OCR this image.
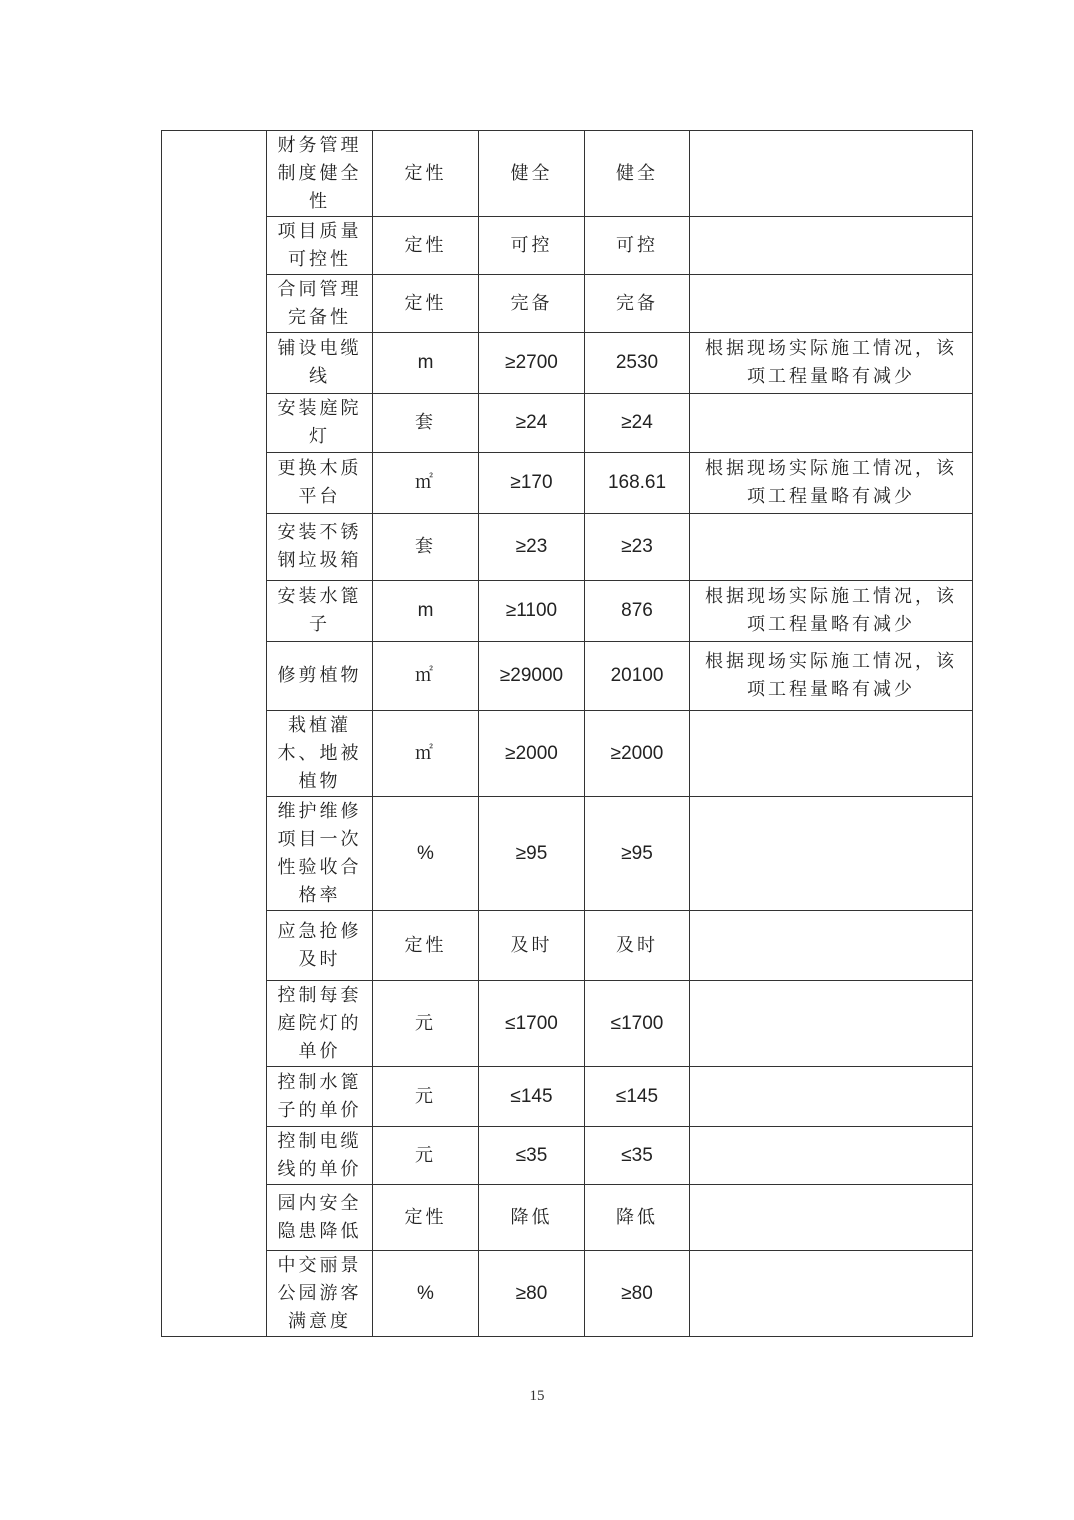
	财务管理制度健全性	定性	健全	健全	
	项目质量可控性	定性	可控	可控	
	合同管理完备性	定性	完备	完备	
	铺设电缆线	m	≥2700	2530	根据现场实际施工情况，该项工程量略有减少
	安装庭院灯	套	≥24	≥24	
	更换木质平台	㎡	≥170	168.61	根据现场实际施工情况，该项工程量略有减少
	安装不锈钢垃圾箱	套	≥23	≥23	
	安装水篦子	m	≥1100	876	根据现场实际施工情况，该项工程量略有减少
	修剪植物	㎡	≥29000	20100	根据现场实际施工情况，该项工程量略有减少
	栽植灌木、地被植物	㎡	≥2000	≥2000	
	维护维修项目一次性验收合格率	%	≥95	≥95	
	应急抢修及时	定性	及时	及时	
	控制每套庭院灯的单价	元	≤1700	≤1700	
	控制水篦子的单价	元	≤145	≤145	
	控制电缆线的单价	元	≤35	≤35	
	园内安全隐患降低	定性	降低	降低	
	中交丽景公园游客满意度	%	≥80	≥80	
15
